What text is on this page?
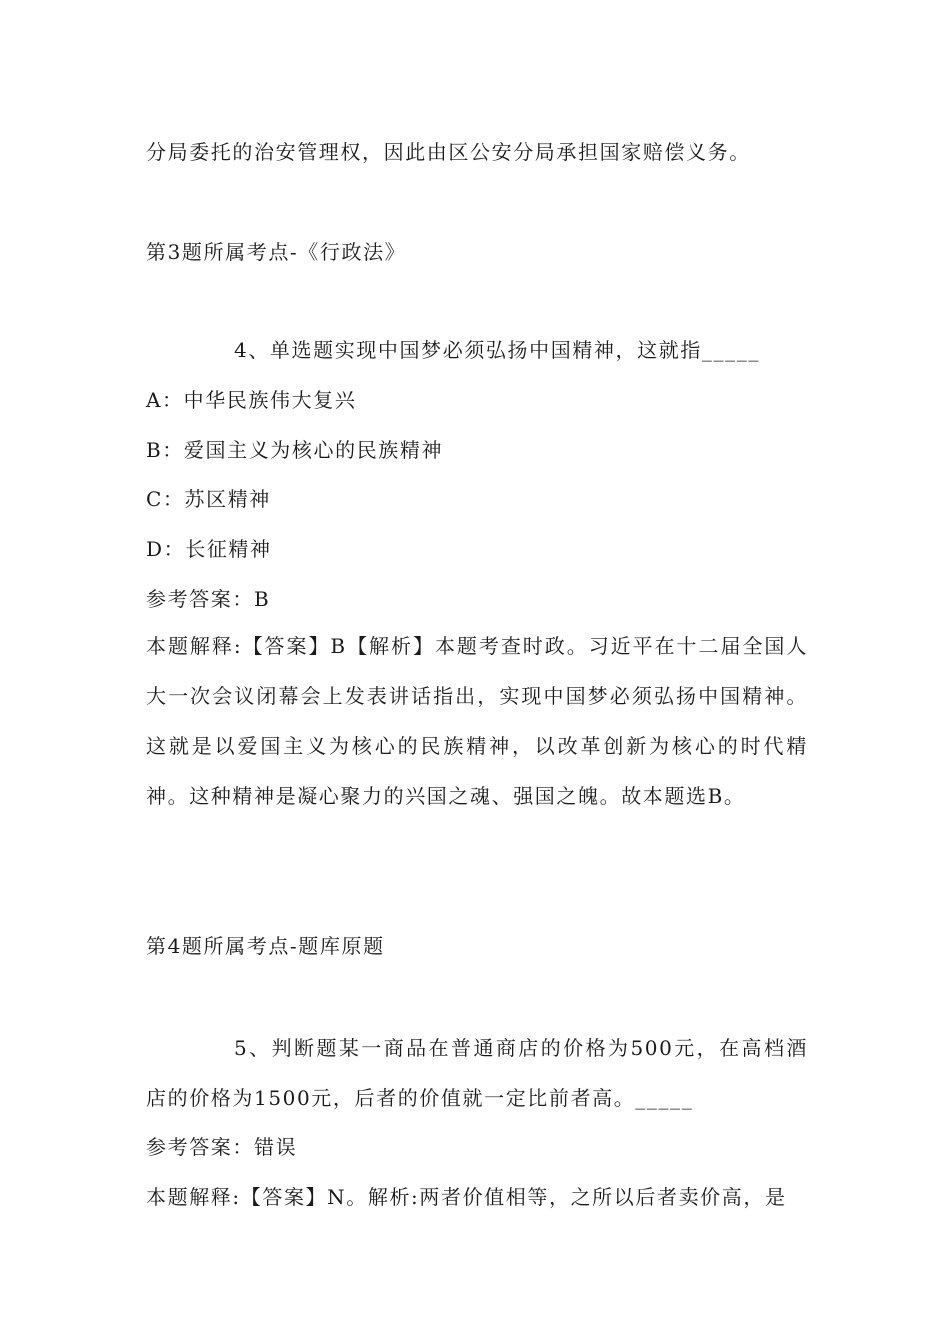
分局委托的治安管理权，因此由区公安分局承担国家赔偿义务。
第3题所属考点-《行政法》
4、单选题实现中国梦必须弘扬中国精神，这就指_____
A：中华民族伟大复兴
B：爱国主义为核心的民族精神
C：苏区精神
D：长征精神
参考答案：B

本题解释:【答案】B【解析】本题考查时政。习近平在十二届全国人大一次会议闭幕会上发表讲话指出，实现中国梦必须弘扬中国精神。这就是以爱国主义为核心的民族精神，以改革创新为核心的时代精神。这种精神是凝心聚力的兴国之魂、强国之魄。故本题选B。

第4题所属考点-题库原题

5、判断题某一商品在普通商店的价格为500元，在高档酒店的价格为1500元，后者的价值就一定比前者高。_____

参考答案：错误
本题解释:【答案】N。解析:两者价值相等，之所以后者卖价高，是
